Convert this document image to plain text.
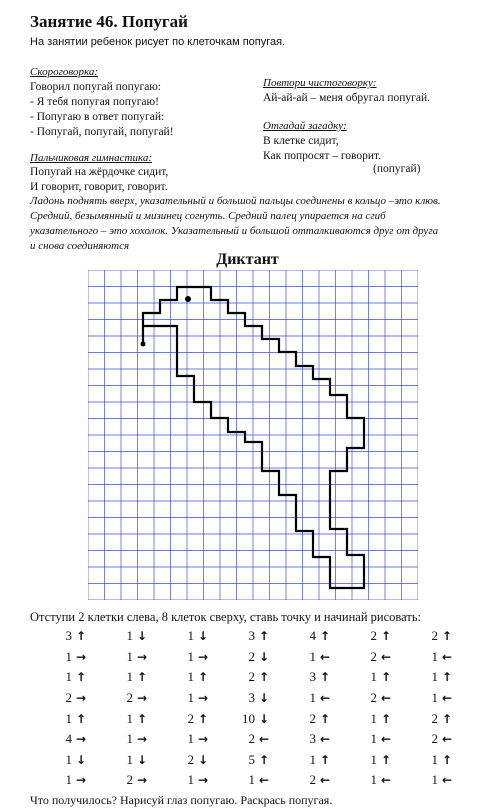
Занятие 46. Попугай
На занятии ребенок рисует по клеточкам попугая.
Скороговорка:
Говорил попугай попугаю:
- Я тебя попугая попугаю!
- Попугаю в ответ попугай:
- Попугай, попугай, попугай!
Повтори чистоговорку:
Ай-ай-ай – меня обругал попугай.
Отгадай загадку:
В клетке сидит,
Как попросят – говорит.
(попугай)
Пальчиковая гимнастика:
Попугай на жёрдочке сидит,
И говорит, говорит, говорит.
Ладонь поднять вверх, указательный и большой пальцы соединены в кольцо –это клюв.
Средний, безымянный и мизинец согнуть. Средний палец упирается на сгиб
указательного – это хохолок. Указательный и большой отталкиваются друг от друга
и снова соединяются
Диктант
Отступи 2 клетки слева, 8 клеток сверху, ставь точку и начинай рисовать:
3 ↑	1 ↓	1 ↓	3 ↑	4 ↑	2 ↑	2 ↑
1 →	1 →	1 →	2 ↓	1 ←	2 ←	1 ←
1 ↑	1 ↑	1 ↑	2 ↑	3 ↑	1 ↑	1 ↑
2 →	2 →	1 →	3 ↓	1 ←	2 ←	1 ←
1 ↑	1 ↑	2 ↑	10 ↓	2 ↑	1 ↑	2 ↑
4 →	1 →	1 →	2 ←	3 ←	1 ←	2 ←
1 ↓	1 ↓	2 ↓	5 ↑	1 ↑	1 ↑	1 ↑
1 →	2 →	1 →	1 ←	2 ←	1 ←	1 ←
Что получилось? Нарисуй глаз попугаю. Раскрась попугая.
